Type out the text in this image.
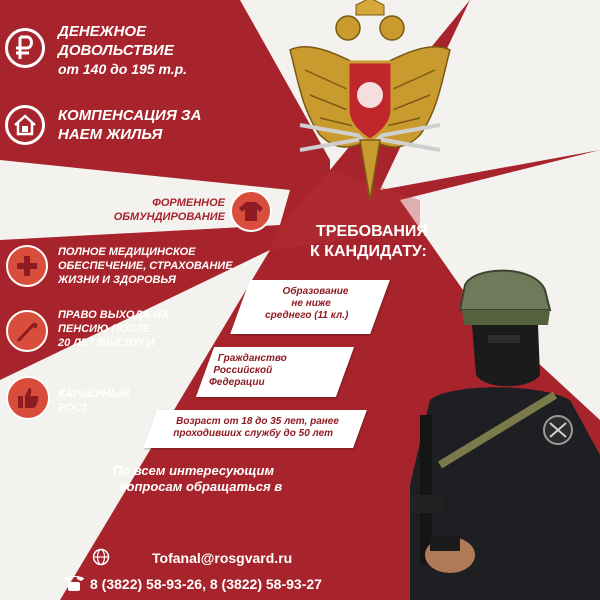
ДЕНЕЖНОЕ
ДОВОЛЬСТВИЕ
от 140 до 195 т.р.
КОМПЕНСАЦИЯ ЗА
НАЕМ ЖИЛЬЯ
ФОРМЕННОЕ
ОБМУНДИРОВАНИЕ
ПОЛНОЕ МЕДИЦИНСКОЕ
ОБЕСПЕЧЕНИЕ, СТРАХОВАНИЕ
ЖИЗНИ И ЗДОРОВЬЯ
ПРАВО ВЫХОДА НА
ПЕНСИЮ ПОСЛЕ
20 ЛЕТ ВЫСЛУГИ
КАРЬЕРНЫЙ
РОСТ
ТРЕБОВАНИЯ
К КАНДИДАТУ:
Образование
не ниже
среднего (11 кл.)
Гражданство
Российской
Федерации
Возраст от 18 до 35 лет, ранее
проходивших службу до 50 лет
По всем интересующим
вопросам обращаться в
Tofanal@rosgvard.ru
8 (3822) 58-93-26, 8 (3822) 58-93-27
